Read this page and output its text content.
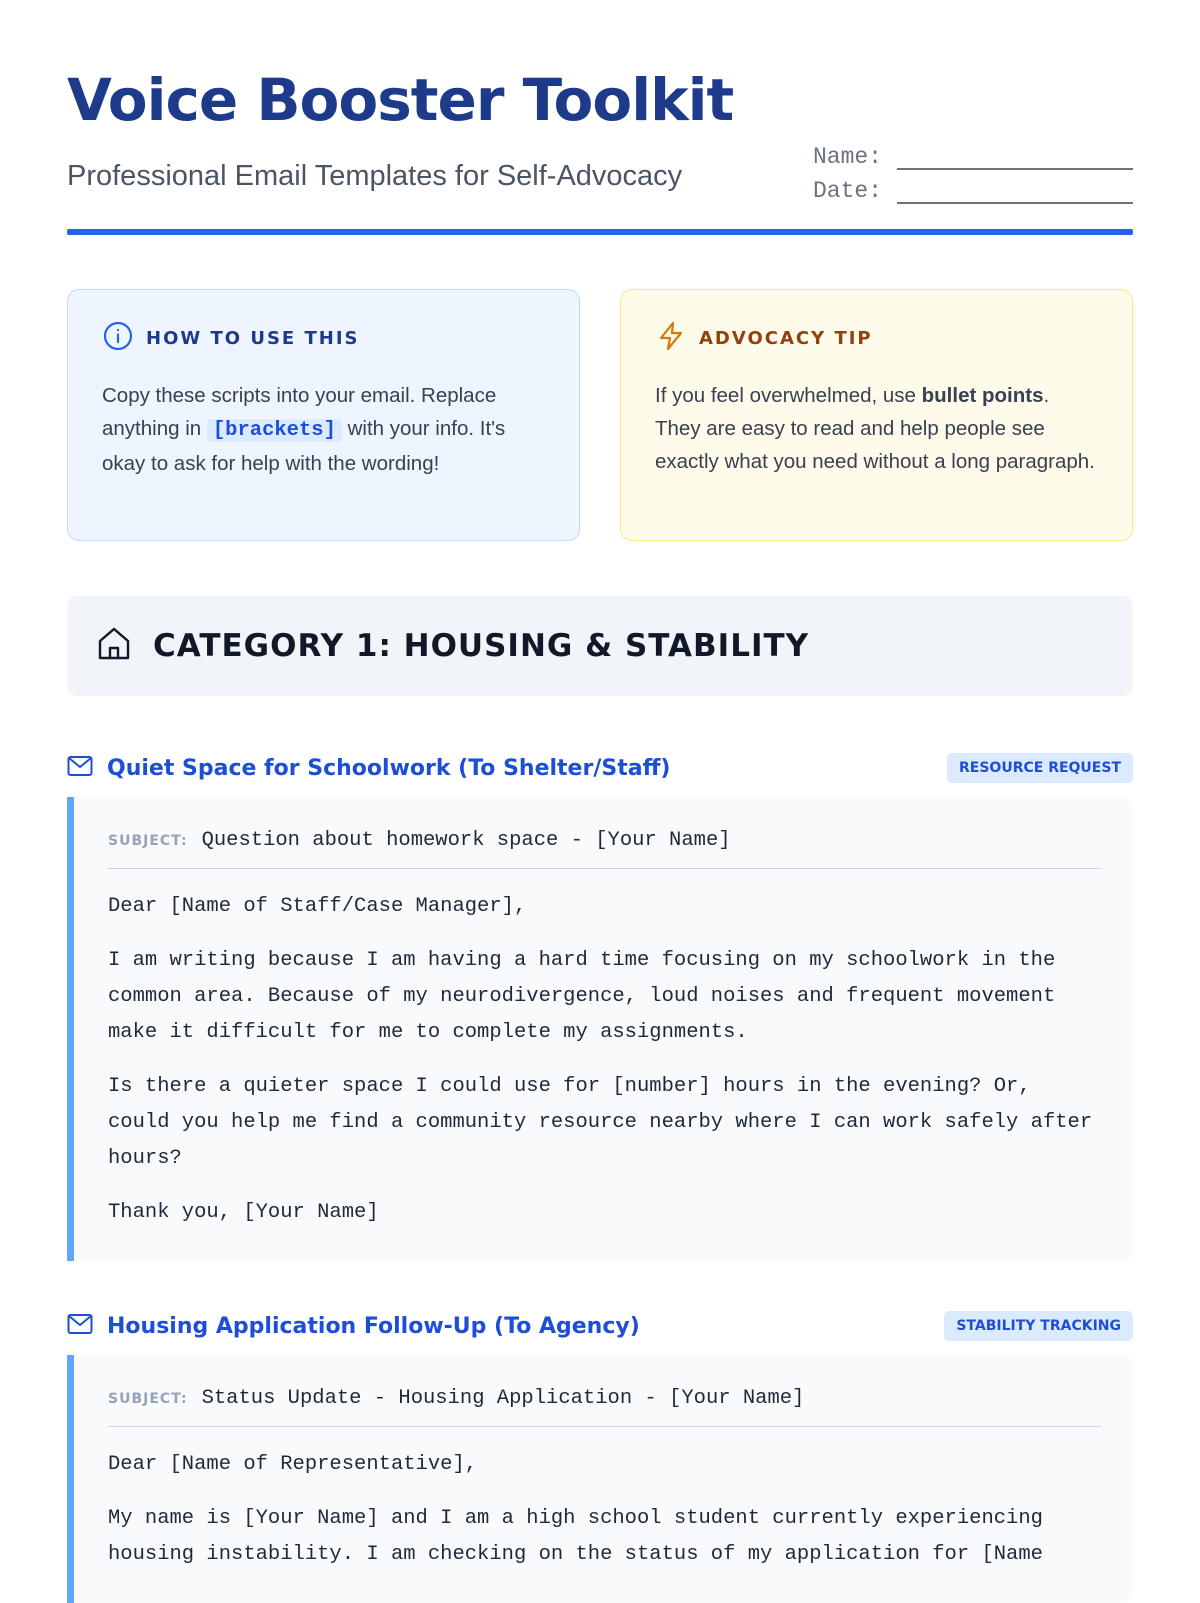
Voice Booster Toolkit

Professional Email Templates for Self-Advocacy

Name:
Date:
HOW TO USE THIS

Copy these scripts into your email. Replace anything in [brackets] with your info. It's okay to ask for help with the wording!

ADVOCACY TIP

If you feel overwhelmed, use bullet points. They are easy to read and help people see exactly what you need without a long paragraph.

CATEGORY 1: HOUSING & STABILITY
Quiet Space for Schoolwork (To Shelter/Staff)	RESOURCE REQUEST
SUBJECT: Question about homework space - [Your Name]

Dear [Name of Staff/Case Manager],

I am writing because I am having a hard time focusing on my schoolwork in the common area. Because of my neurodivergence, loud noises and frequent movement make it difficult for me to complete my assignments.

Is there a quieter space I could use for [number] hours in the evening? Or, could you help me find a community resource nearby where I can work safely after hours?

Thank you, [Your Name]

Housing Application Follow-Up (To Agency)	STABILITY TRACKING
SUBJECT: Status Update - Housing Application - [Your Name]

Dear [Name of Representative],

My name is [Your Name] and I am a high school student currently experiencing housing instability. I am checking on the status of my application for [Name
